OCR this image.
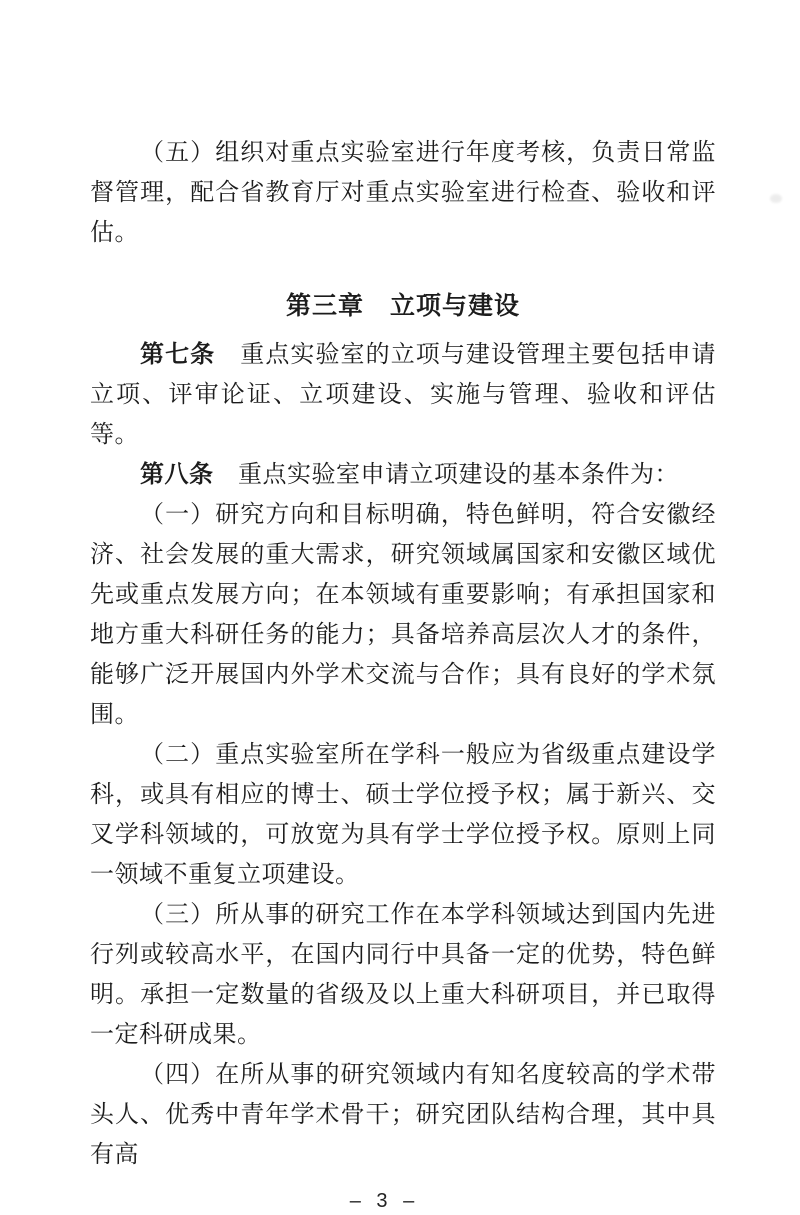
（五）组织对重点实验室进行年度考核，负责日常监督管理，配合省教育厅对重点实验室进行检查、验收和评估。

第三章　立项与建设

第七条　重点实验室的立项与建设管理主要包括申请立项、评审论证、立项建设、实施与管理、验收和评估等。

第八条　重点实验室申请立项建设的基本条件为：

（一）研究方向和目标明确，特色鲜明，符合安徽经济、社会发展的重大需求，研究领域属国家和安徽区域优先或重点发展方向；在本领域有重要影响；有承担国家和地方重大科研任务的能力；具备培养高层次人才的条件，能够广泛开展国内外学术交流与合作；具有良好的学术氛围。

（二）重点实验室所在学科一般应为省级重点建设学科，或具有相应的博士、硕士学位授予权；属于新兴、交叉学科领域的，可放宽为具有学士学位授予权。原则上同一领域不重复立项建设。

（三）所从事的研究工作在本学科领域达到国内先进行列或较高水平，在国内同行中具备一定的优势，特色鲜明。承担一定数量的省级及以上重大科研项目，并已取得一定科研成果。

（四）在所从事的研究领域内有知名度较高的学术带头人、优秀中青年学术骨干；研究团队结构合理，其中具有高

– 3 –
